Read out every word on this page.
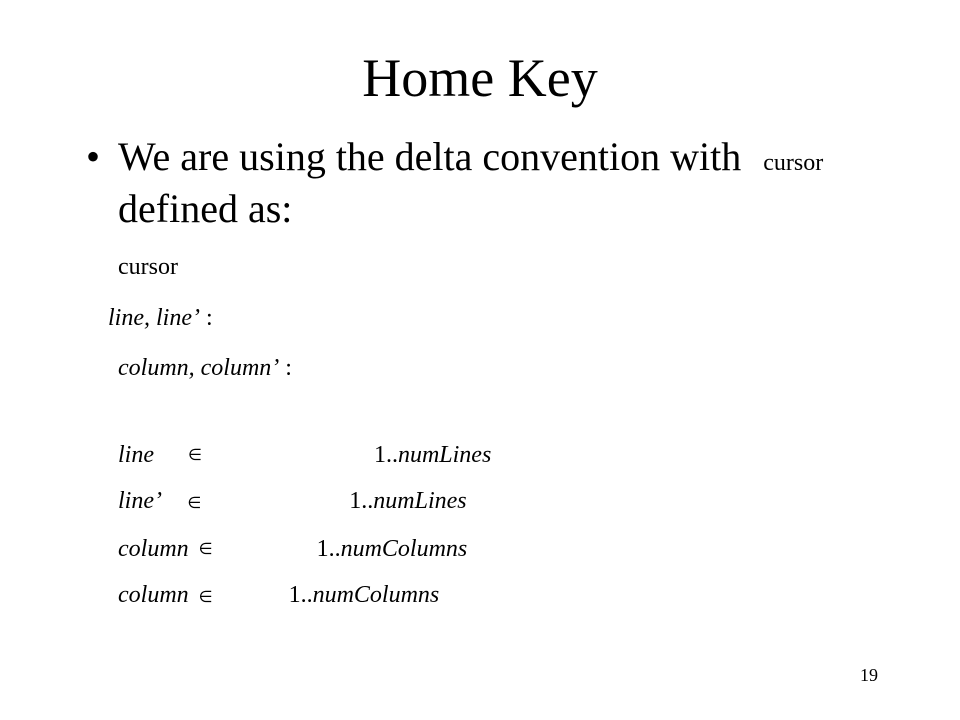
Home Key
• We are using the delta convention with cursor
defined as:
cursor
line, line’ :
column, column’ :
line ∈	1..numLines
line’ ∈	1..numLines
column ∈	1..numColumns
column ∈	1..numColumns
19
